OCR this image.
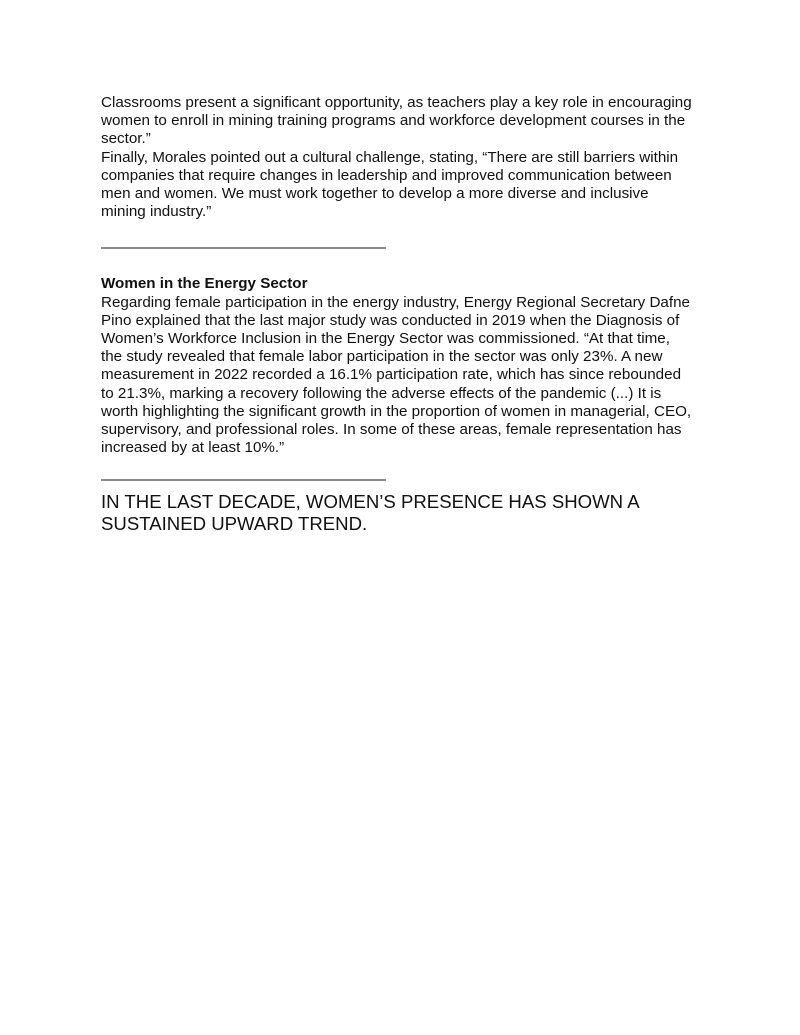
Classrooms present a significant opportunity, as teachers play a key role in encouraging
women to enroll in mining training programs and workforce development courses in the
sector.”

Finally, Morales pointed out a cultural challenge, stating, “There are still barriers within
companies that require changes in leadership and improved communication between
men and women. We must work together to develop a more diverse and inclusive
mining industry.”

———————————————————

Women in the Energy Sector

Regarding female participation in the energy industry, Energy Regional Secretary Dafne
Pino explained that the last major study was conducted in 2019 when the Diagnosis of
Women’s Workforce Inclusion in the Energy Sector was commissioned. “At that time,
the study revealed that female labor participation in the sector was only 23%. A new
measurement in 2022 recorded a 16.1% participation rate, which has since rebounded
to 21.3%, marking a recovery following the adverse effects of the pandemic (...) It is
worth highlighting the significant growth in the proportion of women in managerial, CEO,
supervisory, and professional roles. In some of these areas, female representation has
increased by at least 10%.”

———————————————————

IN THE LAST DECADE, WOMEN’S PRESENCE HAS SHOWN A
SUSTAINED UPWARD TREND.
